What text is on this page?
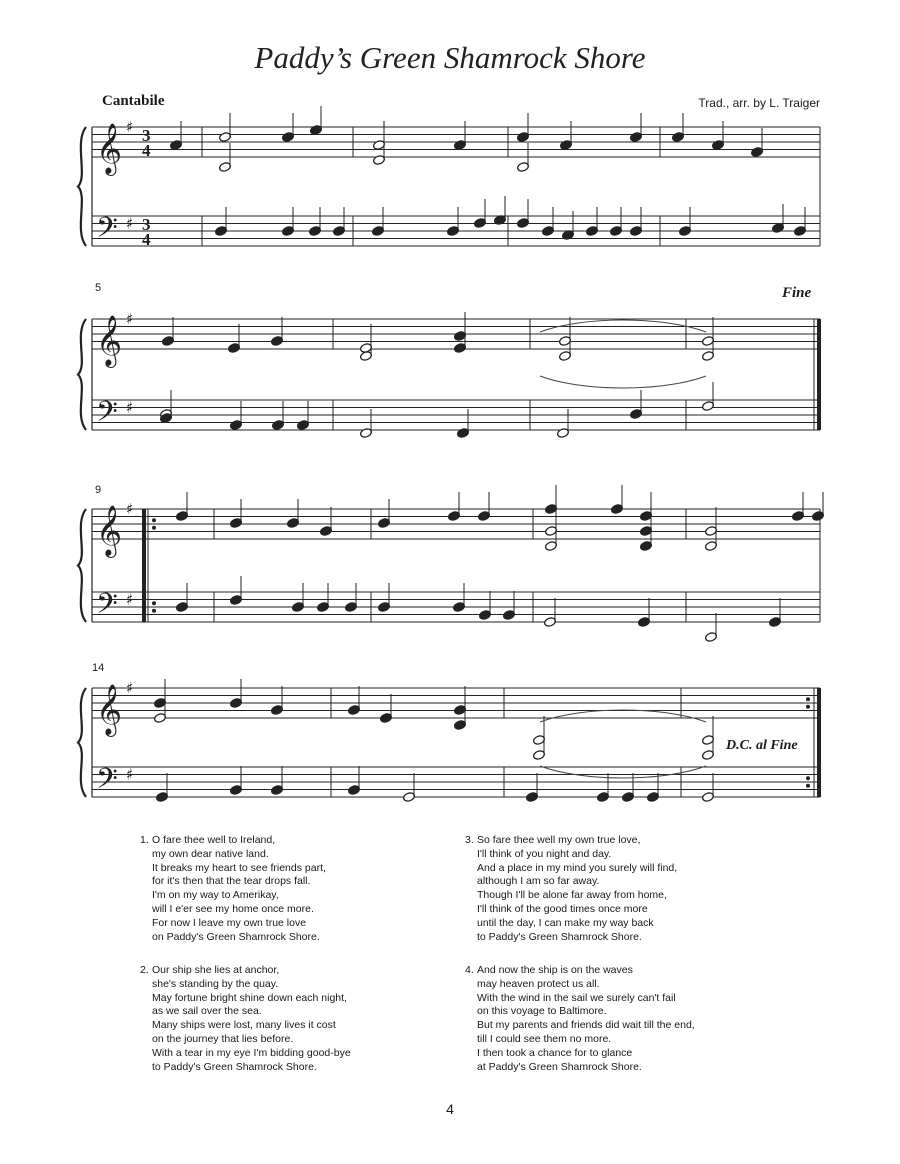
Paddy’s Green Shamrock Shore
Cantabile	Trad., arr. by L. Traiger
𝄞
𝄢
♯
♯
3
4
3
4
𝄞
𝄢
♯
♯
𝄞
𝄢
♯
♯
𝄞
𝄢
♯
♯
5
9
14
Fine
D.C. al Fine
1. O fare thee well to Ireland,
my own dear native land.
It breaks my heart to see friends part,
for it's then that the tear drops fall.
I'm on my way to Amerikay,
will I e'er see my home once more.
For now I leave my own true love
on Paddy's Green Shamrock Shore.
2. Our ship she lies at anchor,
she's standing by the quay.
May fortune bright shine down each night,
as we sail over the sea.
Many ships were lost, many lives it cost
on the journey that lies before.
With a tear in my eye I'm bidding good-bye
to Paddy's Green Shamrock Shore.
3. So fare thee well my own true love,
I'll think of you night and day.
And a place in my mind you surely will find,
although I am so far away.
Though I'll be alone far away from home,
I'll think of the good times once more
until the day, I can make my way back
to Paddy's Green Shamrock Shore.
4. And now the ship is on the waves
may heaven protect us all.
With the wind in the sail we surely can't fail
on this voyage to Baltimore.
But my parents and friends did wait till the end,
till I could see them no more.
I then took a chance for to glance
at Paddy's Green Shamrock Shore.
4
